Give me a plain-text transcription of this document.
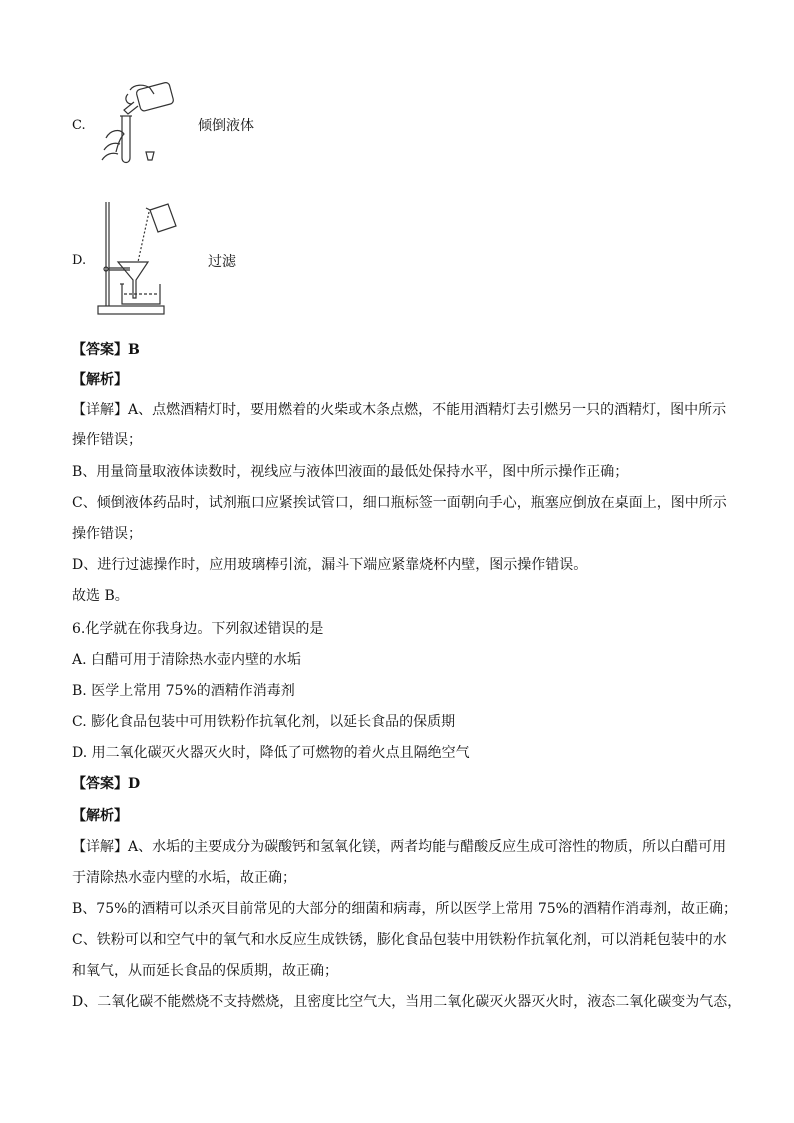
C.	倾倒液体
D.	过滤
【答案】B
【解析】
【详解】A、点燃酒精灯时，要用燃着的火柴或木条点燃，不能用酒精灯去引燃另一只的酒精灯，图中所示
操作错误；
B、用量筒量取液体读数时，视线应与液体凹液面的最低处保持水平，图中所示操作正确；
C、倾倒液体药品时，试剂瓶口应紧挨试管口，细口瓶标签一面朝向手心，瓶塞应倒放在桌面上，图中所示
操作错误；
D、进行过滤操作时，应用玻璃棒引流，漏斗下端应紧靠烧杯内壁，图示操作错误。
故选 B。
6.化学就在你我身边。下列叙述错误的是
A. 白醋可用于清除热水壶内壁的水垢
B. 医学上常用 75%的酒精作消毒剂
C. 膨化食品包装中可用铁粉作抗氧化剂，以延长食品的保质期
D. 用二氧化碳灭火器灭火时，降低了可燃物的着火点且隔绝空气
【答案】D
【解析】
【详解】A、水垢的主要成分为碳酸钙和氢氧化镁，两者均能与醋酸反应生成可溶性的物质，所以白醋可用
于清除热水壶内壁的水垢，故正确；
B、75%的酒精可以杀灭目前常见的大部分的细菌和病毒，所以医学上常用 75%的酒精作消毒剂，故正确；
C、铁粉可以和空气中的氧气和水反应生成铁锈，膨化食品包装中用铁粉作抗氧化剂，可以消耗包装中的水
和氧气，从而延长食品的保质期，故正确；
D、二氧化碳不能燃烧不支持燃烧，且密度比空气大，当用二氧化碳灭火器灭火时，液态二氧化碳变为气态，
